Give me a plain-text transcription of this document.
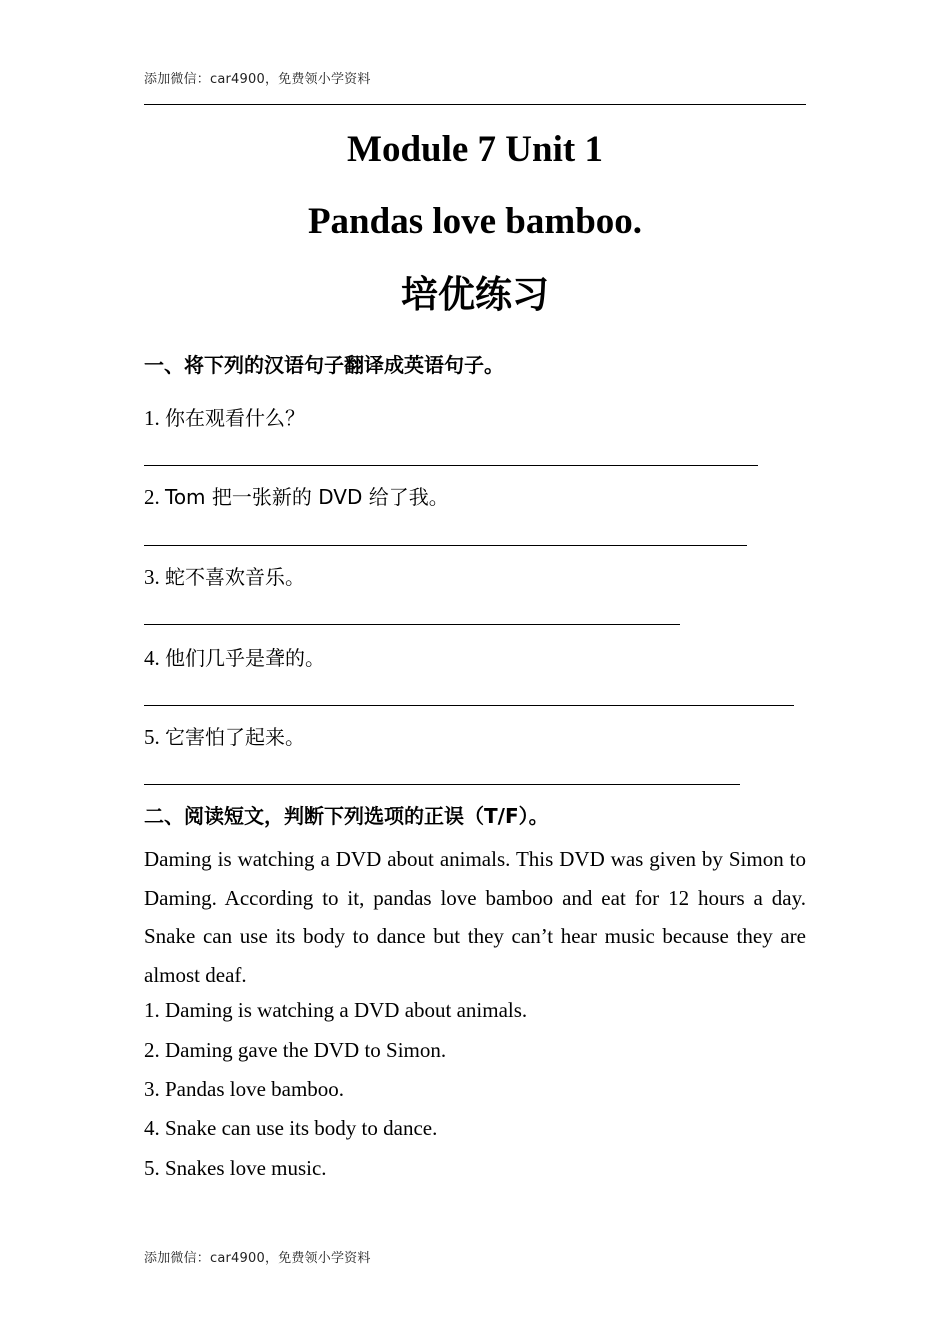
添加微信：car4900，免费领小学资料
Module 7 Unit 1
Pandas love bamboo.
培优练习
一、将下列的汉语句子翻译成英语句子。
1. 你在观看什么？
2. Tom 把一张新的 DVD 给了我。
3. 蛇不喜欢音乐。
4. 他们几乎是聋的。
5. 它害怕了起来。
二、阅读短文，判断下列选项的正误（T/F）。
Daming is watching a DVD about animals. This DVD was given by Simon to Daming. According to it, pandas love bamboo and eat for 12 hours a day. Snake can use its body to dance but they can’t hear music because they are almost deaf.
1. Daming is watching a DVD about animals.
2. Daming gave the DVD to Simon.
3. Pandas love bamboo.
4. Snake can use its body to dance.
5. Snakes love music.
添加微信：car4900，免费领小学资料
